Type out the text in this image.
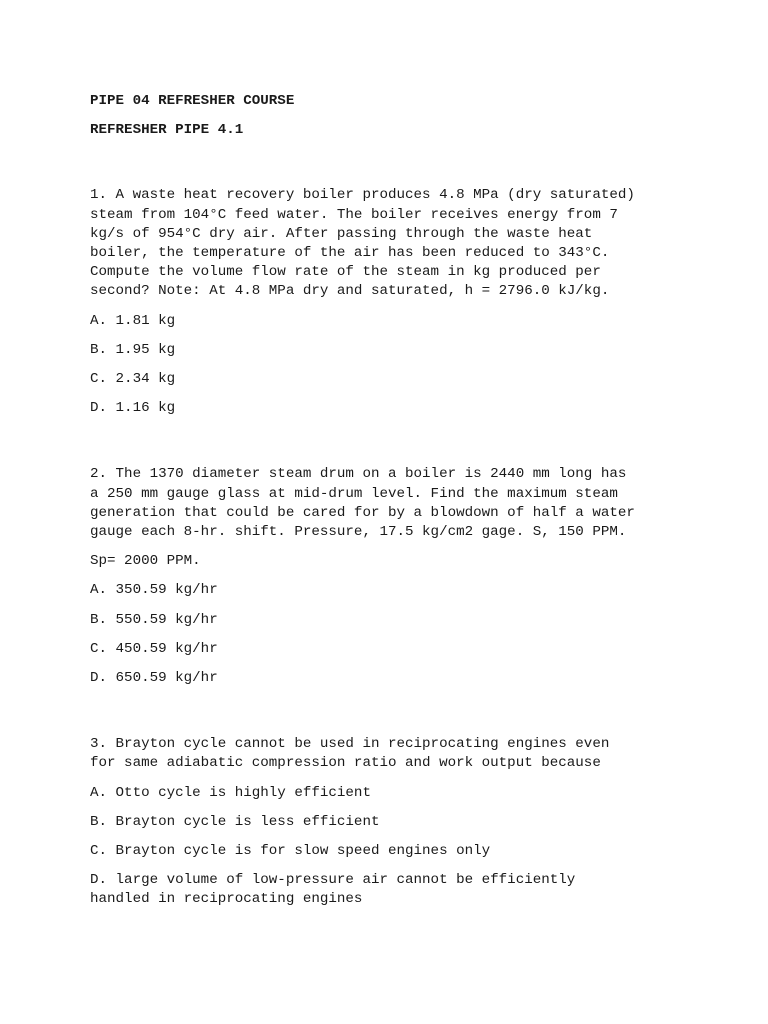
PIPE 04 REFRESHER COURSE

REFRESHER PIPE 4.1

1. A waste heat recovery boiler produces 4.8 MPa (dry saturated)
steam from 104°C feed water. The boiler receives energy from 7
kg/s of 954°C dry air. After passing through the waste heat
boiler, the temperature of the air has been reduced to 343°C.
Compute the volume flow rate of the steam in kg produced per
second? Note: At 4.8 MPa dry and saturated, h = 2796.0 kJ/kg.

A. 1.81 kg

B. 1.95 kg

C. 2.34 kg

D. 1.16 kg

2. The 1370 diameter steam drum on a boiler is 2440 mm long has
a 250 mm gauge glass at mid-drum level. Find the maximum steam
generation that could be cared for by a blowdown of half a water
gauge each 8-hr. shift. Pressure, 17.5 kg/cm2 gage. S, 150 PPM.

Sp= 2000 PPM.

A. 350.59 kg/hr

B. 550.59 kg/hr

C. 450.59 kg/hr

D. 650.59 kg/hr

3. Brayton cycle cannot be used in reciprocating engines even
for same adiabatic compression ratio and work output because

A. Otto cycle is highly efficient

B. Brayton cycle is less efficient

C. Brayton cycle is for slow speed engines only

D. large volume of low-pressure air cannot be efficiently
handled in reciprocating engines
